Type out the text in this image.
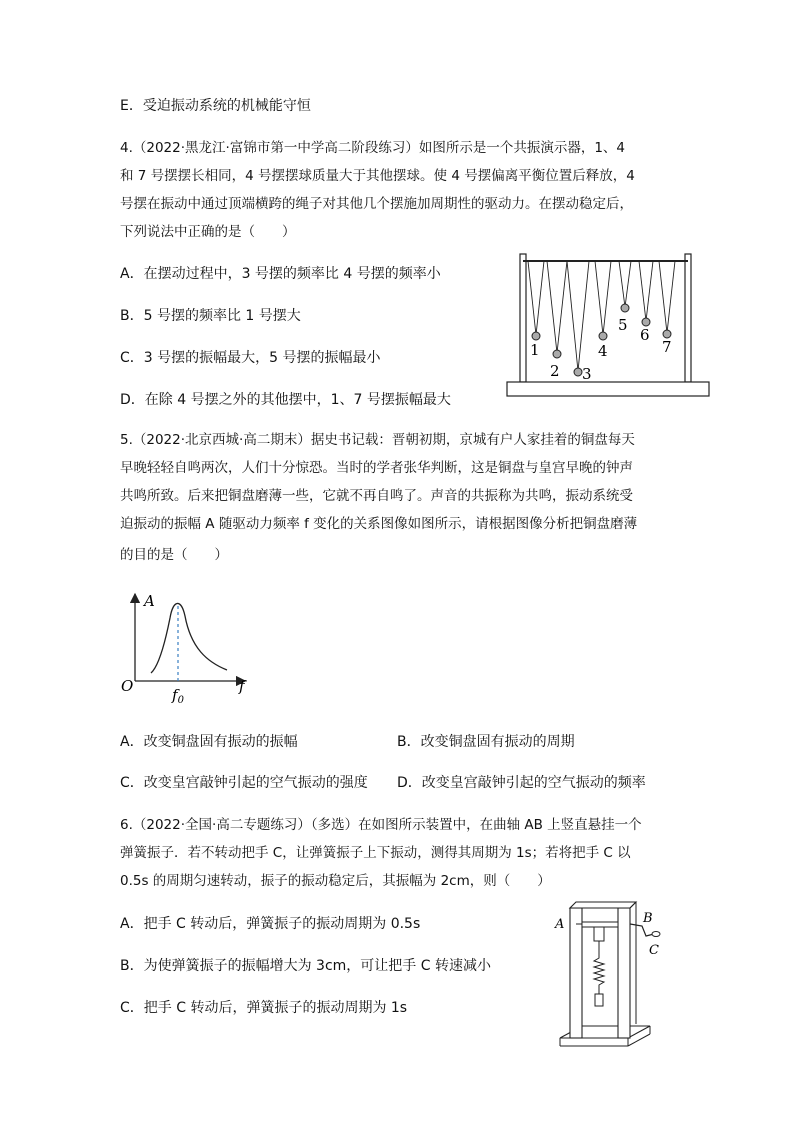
E．受迫振动系统的机械能守恒
4.（2022·黑龙江·富锦市第一中学高二阶段练习）如图所示是一个共振演示器，1、4
和 7 号摆摆长相同，4 号摆摆球质量大于其他摆球。使 4 号摆偏离平衡位置后释放，4
号摆在振动中通过顶端横跨的绳子对其他几个摆施加周期性的驱动力。在摆动稳定后，
下列说法中正确的是（　　）
A．在摆动过程中，3 号摆的频率比 4 号摆的频率小
B．5 号摆的频率比 1 号摆大
C．3 号摆的振幅最大，5 号摆的振幅最小
D．在除 4 号摆之外的其他摆中，1、7 号摆振幅最大
1
2 3
4
5
6
7
5.（2022·北京西城·高二期末）据史书记载：晋朝初期，京城有户人家挂着的铜盘每天
早晚轻轻自鸣两次，人们十分惊恐。当时的学者张华判断，这是铜盘与皇宫早晚的钟声
共鸣所致。后来把铜盘磨薄一些，它就不再自鸣了。声音的共振称为共鸣，振动系统受
迫振动的振幅 A 随驱动力频率 f 变化的关系图像如图所示，请根据图像分析把铜盘磨薄
的目的是（　　）
A
f
O	$f_0$
A．改变铜盘固有振动的振幅	B．改变铜盘固有振动的周期
C．改变皇宫敲钟引起的空气振动的强度 D．改变皇宫敲钟引起的空气振动的频率
6.（2022·全国·高二专题练习）（多选）在如图所示装置中，在曲轴 AB 上竖直悬挂一个
弹簧振子．若不转动把手 C，让弹簧振子上下振动，测得其周期为 1s；若将把手 C 以
0.5s 的周期匀速转动，振子的振动稳定后，其振幅为 2cm，则（　　）
A．把手 C 转动后，弹簧振子的振动周期为 0.5s
B．为使弹簧振子的振幅增大为 3cm，可让把手 C 转速减小
C．把手 C 转动后，弹簧振子的振动周期为 1s
A	B
C
